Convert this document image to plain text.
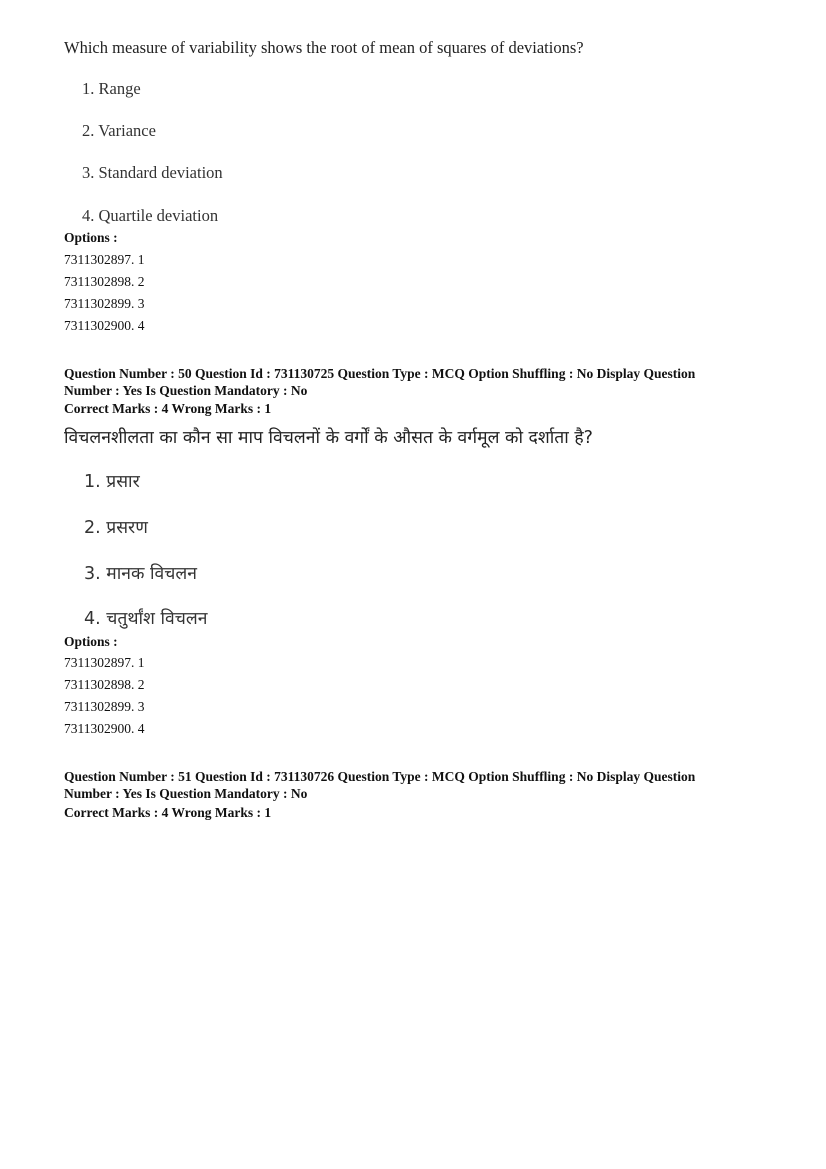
Which measure of variability shows the root of mean of squares of deviations?
1. Range
2. Variance
3. Standard deviation
4. Quartile deviation
Options :
7311302897. 1
7311302898. 2
7311302899. 3
7311302900. 4
Question Number : 50 Question Id : 731130725 Question Type : MCQ Option Shuffling : No Display Question
Number : Yes Is Question Mandatory : No
Correct Marks : 4 Wrong Marks : 1
विचलनशीलता का कौन सा माप विचलनों के वर्गों के औसत के वर्गमूल को दर्शाता है?
1. प्रसार
2. प्रसरण
3. मानक विचलन
4. चतुर्थांश विचलन
Options :
7311302897. 1
7311302898. 2
7311302899. 3
7311302900. 4
Question Number : 51 Question Id : 731130726 Question Type : MCQ Option Shuffling : No Display Question
Number : Yes Is Question Mandatory : No
Correct Marks : 4 Wrong Marks : 1
